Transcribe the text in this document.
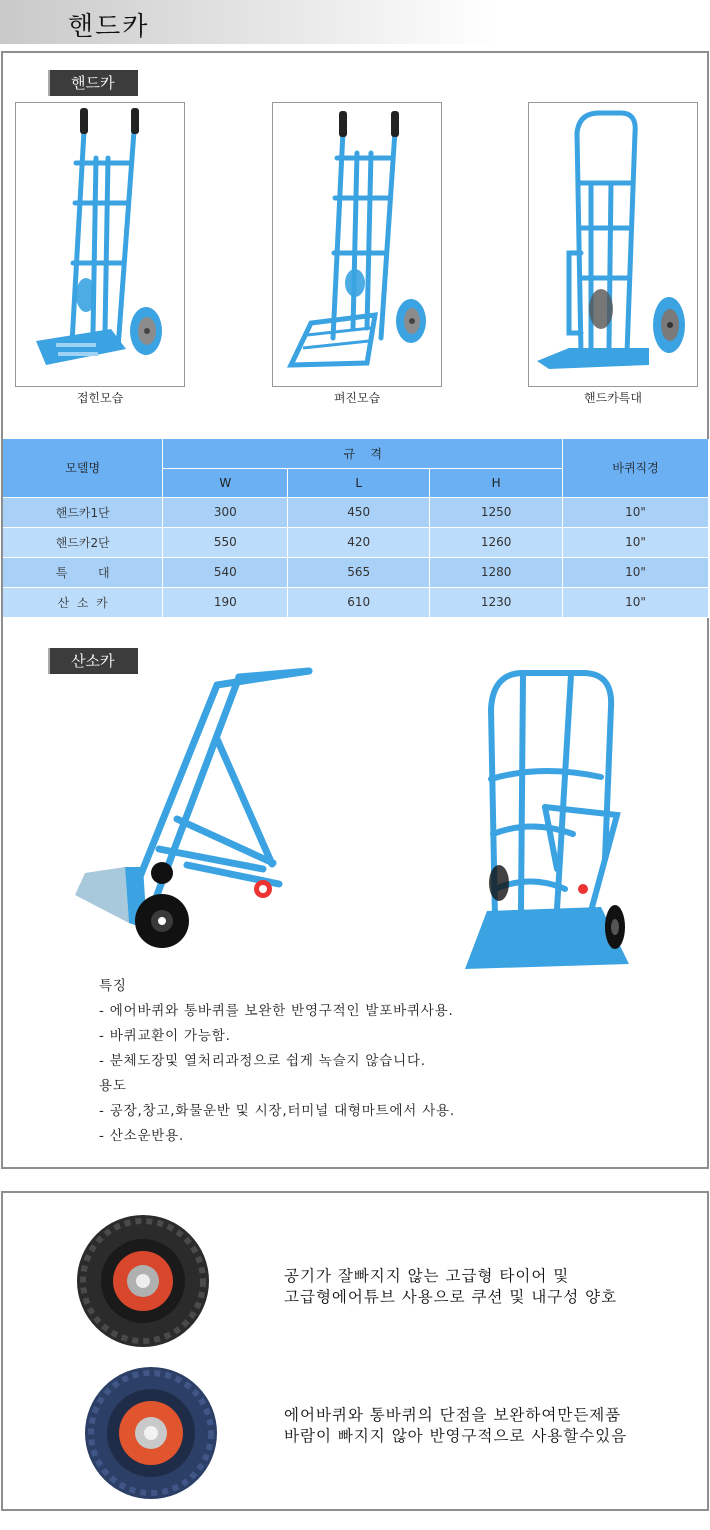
핸드카
핸드카
접힌모습	펴진모습	핸드카특대
모델명	규    격			바퀴직경
	W	L	H	
핸드카1단	300	450	1250	10"
핸드카2단	550	420	1260	10"
특        대	540	565	1280	10"
산  소  카	190	610	1230	10"
산소카
특징
- 에어바퀴와 통바퀴를 보완한 반영구적인 발포바퀴사용.
- 바퀴교환이 가능함.
- 분체도장및 열처리과정으로 쉽게 녹슬지 않습니다.
용도
- 공장,창고,화물운반 및 시장,터미널 대형마트에서 사용.
- 산소운반용.
공기가 잘빠지지 않는 고급형 타이어 및
고급형에어튜브 사용으로 쿠션 및 내구성 양호
에어바퀴와 통바퀴의 단점을 보완하여만든제품
바람이 빠지지 않아 반영구적으로 사용할수있음
